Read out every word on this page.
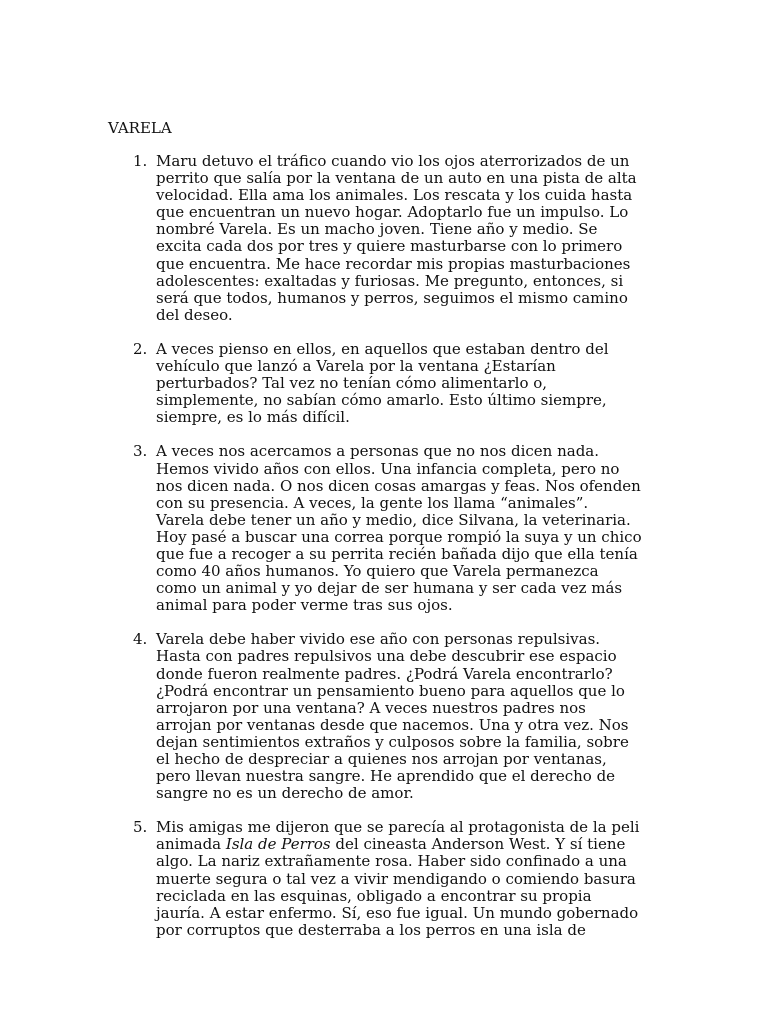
VARELA
1. Maru detuvo el tráfico cuando vio los ojos aterrorizados de un
perrito que salía por la ventana de un auto en una pista de alta
velocidad. Ella ama los animales. Los rescata y los cuida hasta
que encuentran un nuevo hogar. Adoptarlo fue un impulso. Lo
nombré Varela. Es un macho joven. Tiene año y medio. Se
excita cada dos por tres y quiere masturbarse con lo primero
que encuentra. Me hace recordar mis propias masturbaciones
adolescentes: exaltadas y furiosas. Me pregunto, entonces, si
será que todos, humanos y perros, seguimos el mismo camino
del deseo.
2. A veces pienso en ellos, en aquellos que estaban dentro del
vehículo que lanzó a Varela por la ventana ¿Estarían
perturbados? Tal vez no tenían cómo alimentarlo o,
simplemente, no sabían cómo amarlo. Esto último siempre,
siempre, es lo más difícil.
3. A veces nos acercamos a personas que no nos dicen nada.
Hemos vivido años con ellos. Una infancia completa, pero no
nos dicen nada. O nos dicen cosas amargas y feas. Nos ofenden
con su presencia. A veces, la gente los llama “animales”.
Varela debe tener un año y medio, dice Silvana, la veterinaria.
Hoy pasé a buscar una correa porque rompió la suya y un chico
que fue a recoger a su perrita recién bañada dijo que ella tenía
como 40 años humanos. Yo quiero que Varela permanezca
como un animal y yo dejar de ser humana y ser cada vez más
animal para poder verme tras sus ojos.
4. Varela debe haber vivido ese año con personas repulsivas.
Hasta con padres repulsivos una debe descubrir ese espacio
donde fueron realmente padres. ¿Podrá Varela encontrarlo?
¿Podrá encontrar un pensamiento bueno para aquellos que lo
arrojaron por una ventana? A veces nuestros padres nos
arrojan por ventanas desde que nacemos. Una y otra vez. Nos
dejan sentimientos extraños y culposos sobre la familia, sobre
el hecho de despreciar a quienes nos arrojan por ventanas,
pero llevan nuestra sangre. He aprendido que el derecho de
sangre no es un derecho de amor.
5. Mis amigas me dijeron que se parecía al protagonista de la peli
animada Isla de Perros del cineasta Anderson West. Y sí tiene
algo. La nariz extrañamente rosa. Haber sido confinado a una
muerte segura o tal vez a vivir mendigando o comiendo basura
reciclada en las esquinas, obligado a encontrar su propia
jauría. A estar enfermo. Sí, eso fue igual. Un mundo gobernado
por corruptos que desterraba a los perros en una isla de
